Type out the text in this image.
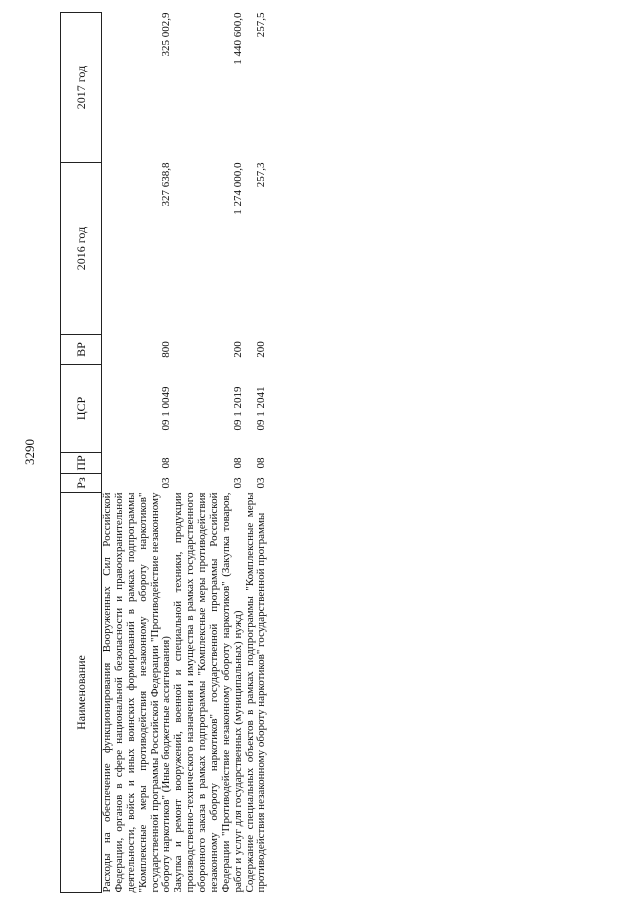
3290
Наименование	Рз	ПР	ЦСР	ВР	2016 год	2017 год
Расходы на обеспечение функционирования Вооруженных Сил Российской Федерации, органов в сфере национальной безопасности и правоохранительной деятельности, войск и иных воинских формирований в рамках подпрограммы "Комплексные меры противодействия незаконному обороту наркотиков" государственной программы Российской Федерации "Противодействие незаконному обороту наркотиков" (Иные бюджетные ассигнования)	03	08	09 1 0049	800	327 638,8	325 002,9
Закупка и ремонт вооружений, военной и специальной техники, продукции производственно-технического назначения и имущества в рамках государственного оборонного заказа в рамках подпрограммы "Комплексные меры противодействия незаконному обороту наркотиков" государственной программы Российской Федерации "Противодействие незаконному обороту наркотиков" (Закупка товаров, работ и услуг для государственных (муниципальных) нужд)	03	08	09 1 2019	200	1 274 000,0	1 440 600,0
Содержание специальных объектов в рамках подпрограммы "Комплексные меры противодействия незаконному обороту наркотиков" государственной программы	03	08	09 1 2041	200	257,3	257,5
